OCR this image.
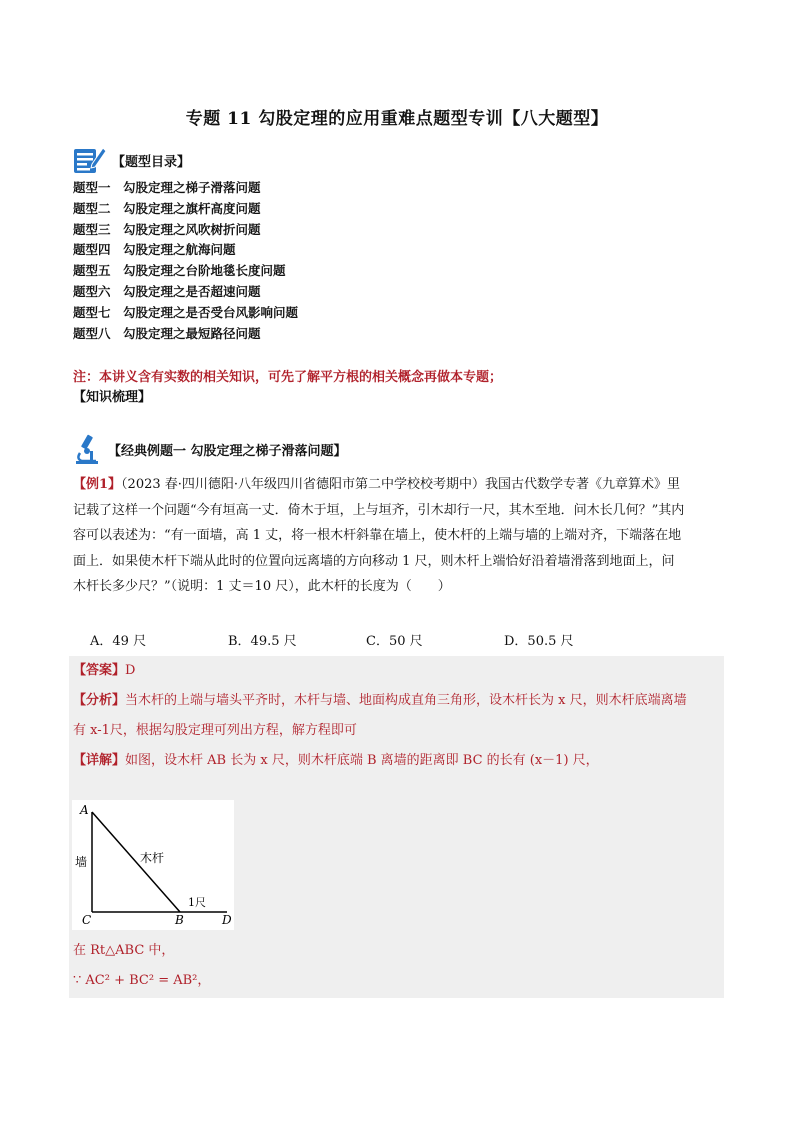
专题 11 勾股定理的应用重难点题型专训【八大题型】
【题型目录】
题型一 勾股定理之梯子滑落问题
题型二 勾股定理之旗杆高度问题
题型三 勾股定理之风吹树折问题
题型四 勾股定理之航海问题
题型五 勾股定理之台阶地毯长度问题
题型六 勾股定理之是否超速问题
题型七 勾股定理之是否受台风影响问题
题型八 勾股定理之最短路径问题
注：本讲义含有实数的相关知识，可先了解平方根的相关概念再做本专题；
【知识梳理】
【经典例题一 勾股定理之梯子滑落问题】
【例1】（2023 春·四川德阳·八年级四川省德阳市第二中学校校考期中）我国古代数学专著《九章算术》里
记载了这样一个问题“今有垣高一丈．倚木于垣，上与垣齐，引木却行一尺，其木至地．问木长几何？”其内
容可以表述为：“有一面墙，高 1 丈，将一根木杆斜靠在墙上，使木杆的上端与墙的上端对齐，下端落在地
面上．如果使木杆下端从此时的位置向远离墙的方向移动 1 尺，则木杆上端恰好沿着墙滑落到地面上，问
木杆长多少尺？”（说明：1 丈＝10 尺），此木杆的长度为（　　）
A．49 尺	B．49.5 尺	C．50 尺	D．50.5 尺
【答案】D
【分析】当木杆的上端与墙头平齐时，木杆与墙、地面构成直角三角形，设木杆长为 x 尺，则木杆底端离墙
有 x-1尺，根据勾股定理可列出方程，解方程即可
【详解】如图，设木杆 AB 长为 x 尺，则木杆底端 B 离墙的距离即 BC 的长有 (x－1) 尺，
A
C	B	D
墙	木杆
1尺
在 Rt△ABC 中，
∵ AC² + BC² = AB²，
